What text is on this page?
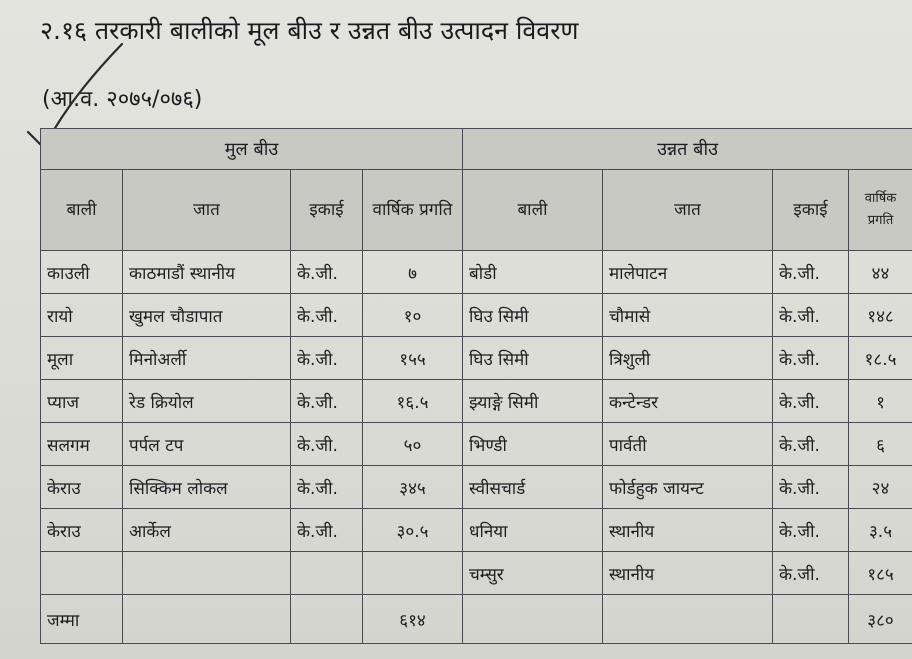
२.१६ तरकारी बालीको मूल बीउ र उन्नत बीउ उत्पादन विवरण
(आ.व. २०७५/०७६)
मुल बीउ				उन्नत बीउ			
बाली	जात	इकाई	वार्षिक प्रगति	बाली	जात	इकाई	वार्षिक प्रगति
काउली	काठमाडौं स्थानीय	के.जी.	७	बोडी	मालेपाटन	के.जी.	४४
रायो	खुमल चौडापात	के.जी.	१०	घिउ सिमी	चौमासे	के.जी.	१४८
मूला	मिनोअर्ली	के.जी.	१५५	घिउ सिमी	त्रिशुली	के.जी.	१८.५
प्याज	रेड क्रियोल	के.जी.	१६.५	झ्याङ्गे सिमी	कन्टेन्डर	के.जी.	१
सलगम	पर्पल टप	के.जी.	५०	भिण्डी	पार्वती	के.जी.	६
केराउ	सिक्किम लोकल	के.जी.	३४५	स्वीसचार्ड	फोर्डहुक जायन्ट	के.जी.	२४
केराउ	आर्केल	के.जी.	३०.५	धनिया	स्थानीय	के.जी.	३.५
				चम्सुर	स्थानीय	के.जी.	१८५
जम्मा			६१४				३८०
